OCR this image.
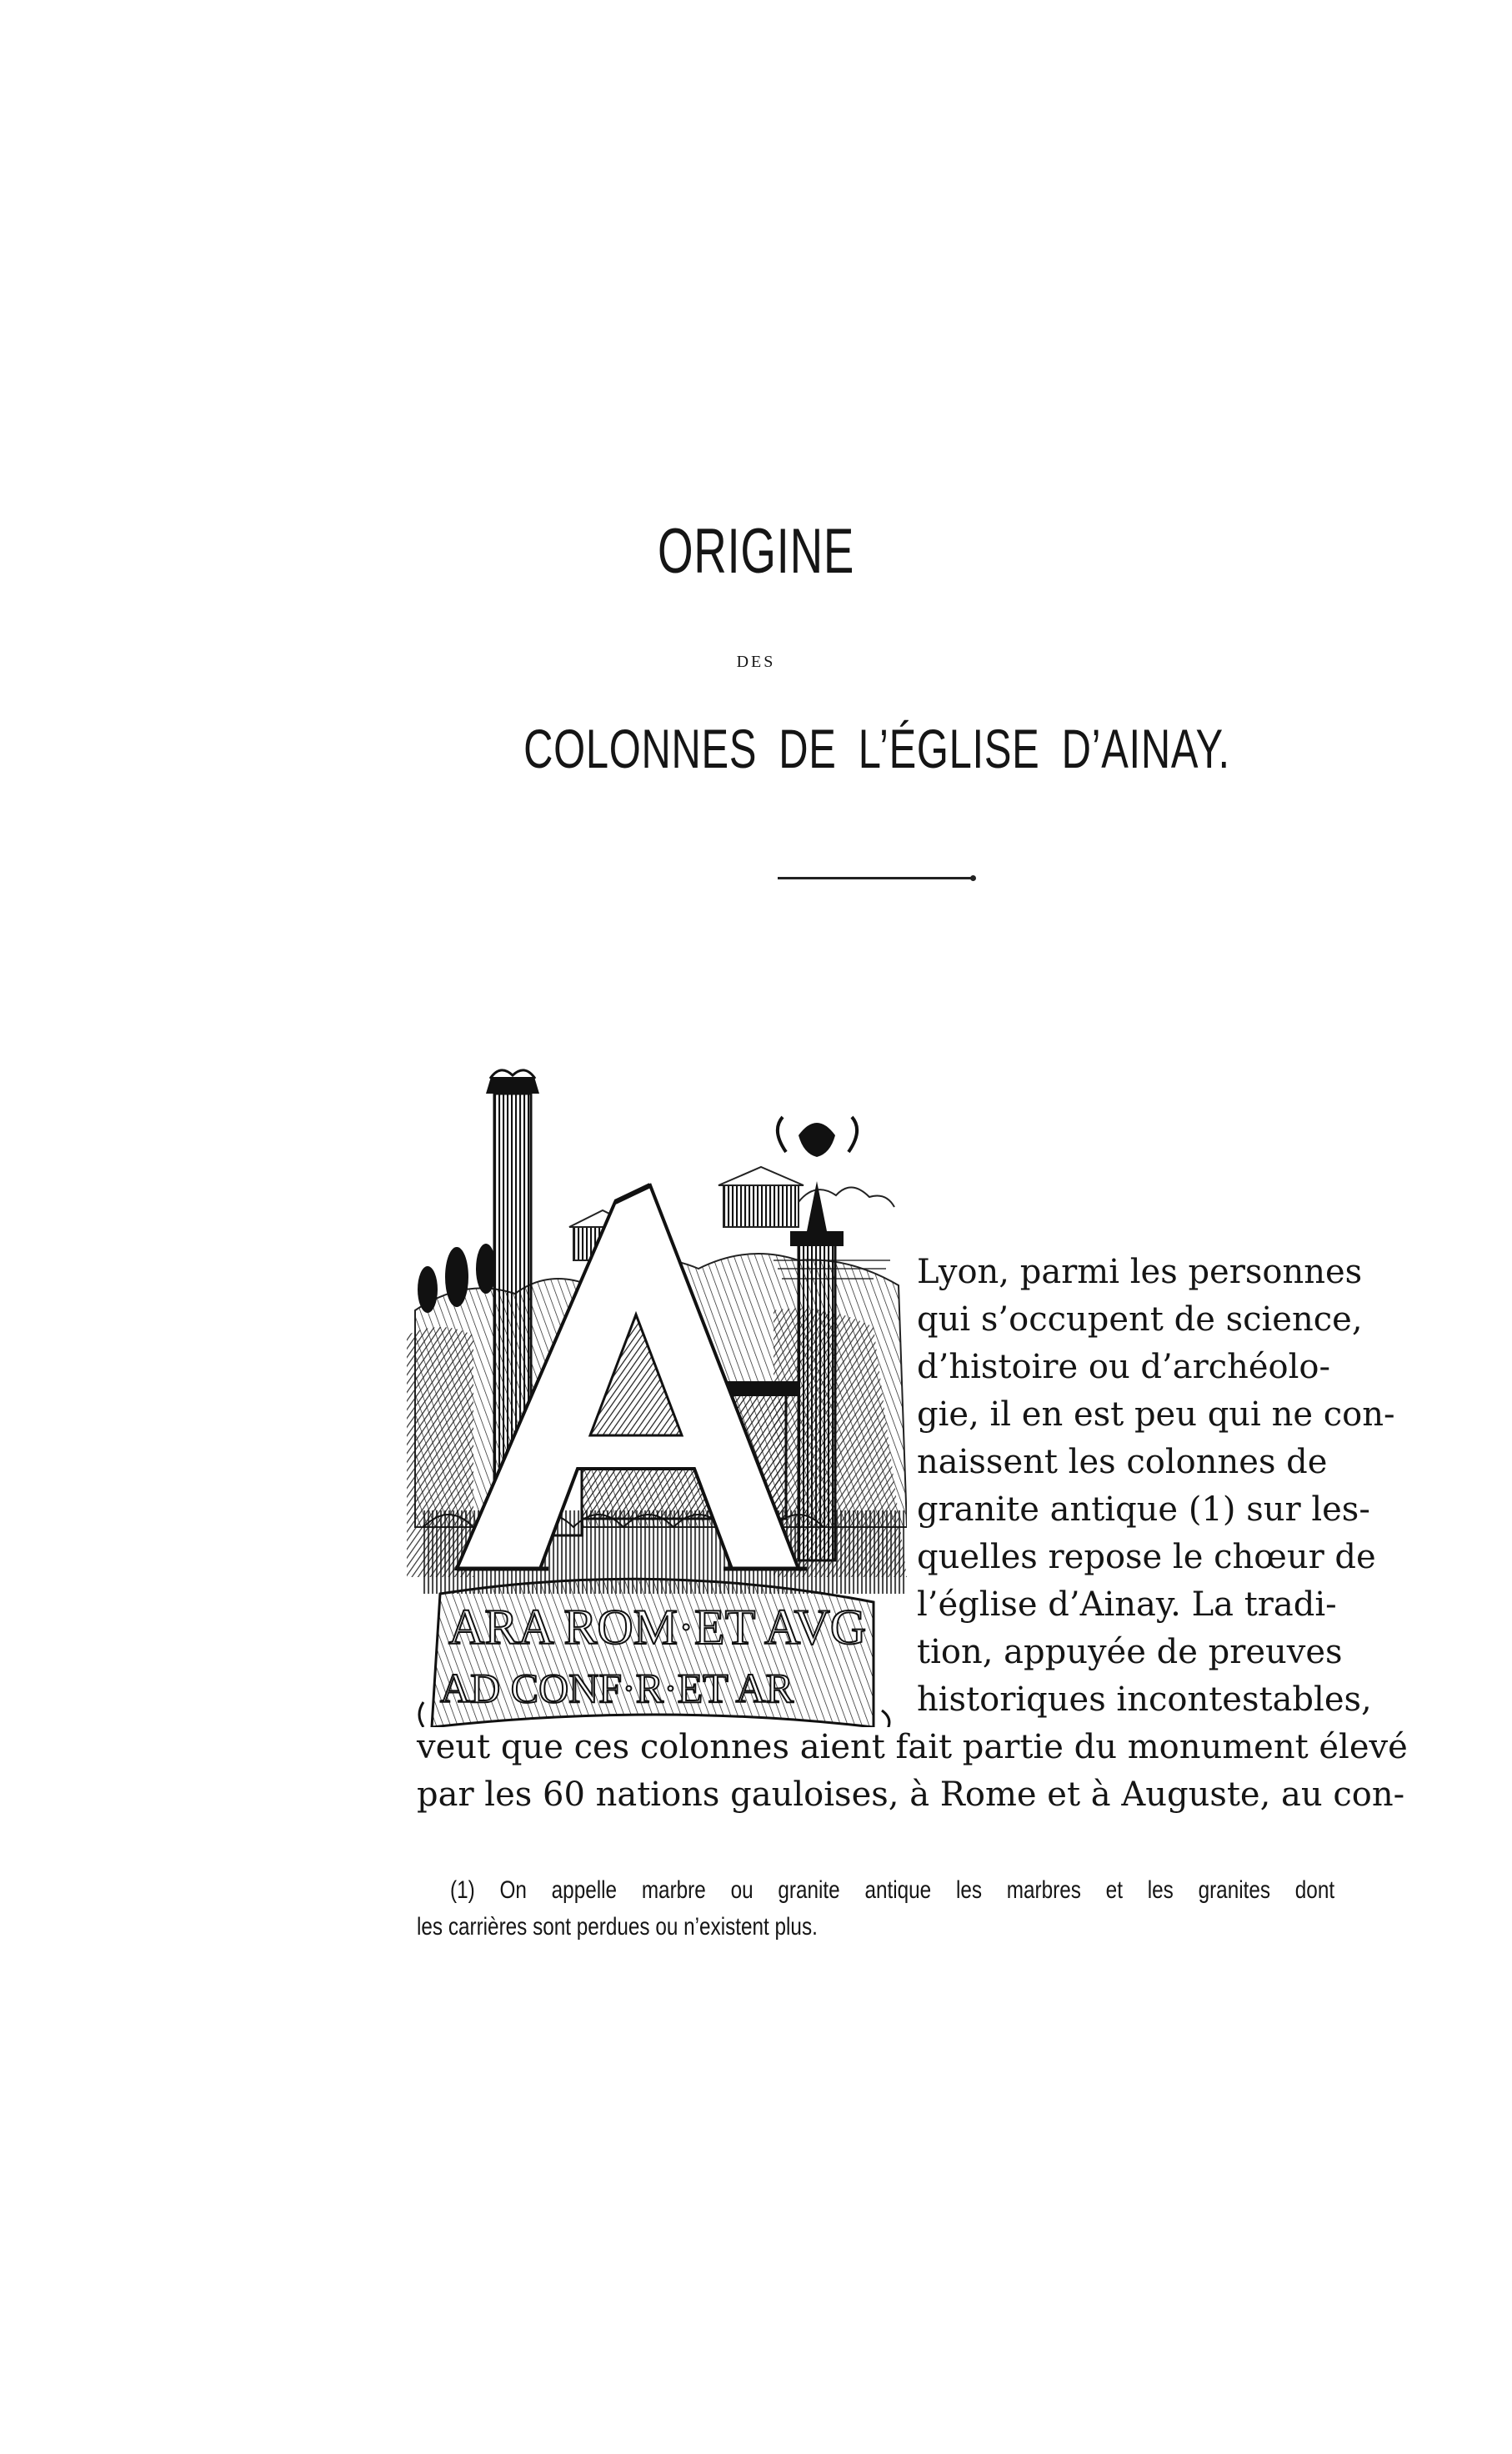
ORIGINE
DES
COLONNES DE L’ÉGLISE D’AINAY.
ARA ROM·ET AVG
AD CONF·R·ET AR
Lyon, parmi les personnes
qui s’occupent de science,
d’histoire ou d’archéolo-
gie, il en est peu qui ne con-
naissent les colonnes de
granite antique (1) sur les-
quelles repose le chœur de
l’église d’Ainay. La tradi-
tion, appuyée de preuves
historiques incontestables,
veut que ces colonnes aient fait partie du monument élevé
par les 60 nations gauloises, à Rome et à Auguste, au con-
(1) On appelle marbre ou granite antique les marbres et les granites dont
les carrières sont perdues ou n’existent plus.
